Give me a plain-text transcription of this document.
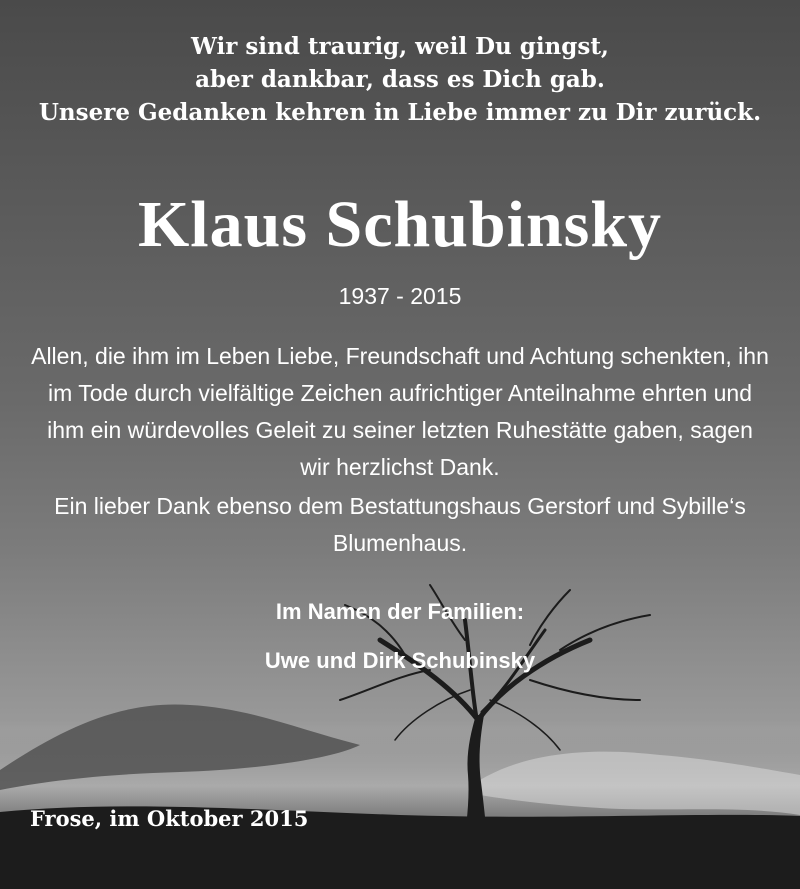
Wir sind traurig, weil Du gingst,
aber dankbar, dass es Dich gab.
Unsere Gedanken kehren in Liebe immer zu Dir zurück.

Klaus Schubinsky

1937 - 2015

Allen, die ihm im Leben Liebe, Freundschaft und Achtung schenkten, ihn im Tode durch vielfältige Zeichen aufrichtiger Anteilnahme ehrten und ihm ein würdevolles Geleit zu seiner letzten Ruhestätte gaben, sagen wir herzlichst Dank.

Ein lieber Dank ebenso dem Bestattungshaus Gerstorf und Sybille‘s Blumenhaus.

Im Namen der Familien:

Uwe und Dirk Schubinsky

Frose, im Oktober 2015
